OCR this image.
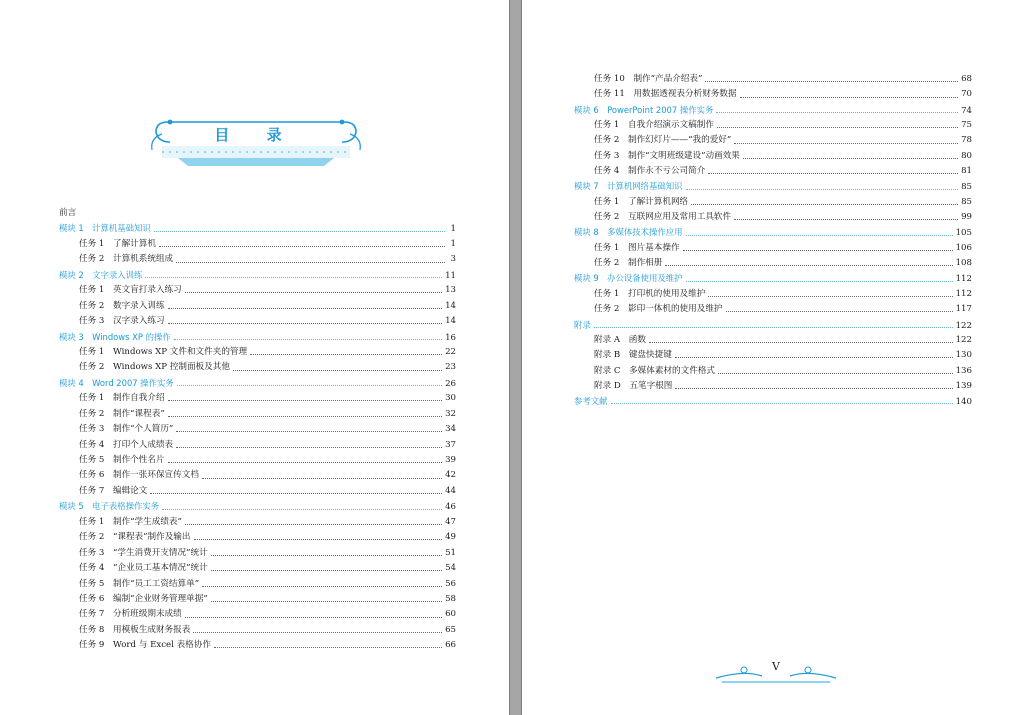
目 录
前言
模块 1　计算机基础知识	1
任务 1　了解计算机	1
任务 2　计算机系统组成	3
模块 2　文字录入训练	11
任务 1　英文盲打录入练习	13
任务 2　数字录入训练	14
任务 3　汉字录入练习	14
模块 3　Windows XP 的操作	16
任务 1　Windows XP 文件和文件夹的管理	22
任务 2　Windows XP 控制面板及其他	23
模块 4　Word 2007 操作实务	26
任务 1　制作自我介绍	30
任务 2　制作“课程表”	32
任务 3　制作“个人简历”	34
任务 4　打印个人成绩表	37
任务 5　制作个性名片	39
任务 6　制作一张环保宣传文档	42
任务 7　编辑论文	44
模块 5　电子表格操作实务	46
任务 1　制作“学生成绩表”	47
任务 2　“课程表”制作及输出	49
任务 3　“学生消费开支情况”统计	51
任务 4　“企业员工基本情况”统计	54
任务 5　制作“员工工资结算单”	56
任务 6　编制“企业财务管理单据”	58
任务 7　分析班级期末成绩	60
任务 8　用模板生成财务报表	65
任务 9　Word 与 Excel 表格协作	66
任务 10　制作“产品介绍表”	68
任务 11　用数据透视表分析财务数据	70
模块 6　PowerPoint 2007 操作实务	74
任务 1　自我介绍演示文稿制作	75
任务 2　制作幻灯片——“我的爱好”	78
任务 3　制作“文明班级建设”动画效果	80
任务 4　制作永不亏公司简介	81
模块 7　计算机网络基础知识	85
任务 1　了解计算机网络	85
任务 2　互联网应用及常用工具软件	99
模块 8　多媒体技术操作应用	105
任务 1　图片基本操作	106
任务 2　制作相册	108
模块 9　办公设备使用及维护	112
任务 1　打印机的使用及维护	112
任务 2　影印一体机的使用及维护	117
附录	122
附录 A　函数	122
附录 B　键盘快捷键	130
附录 C　多媒体素材的文件格式	136
附录 D　五笔字根图	139
参考文献	140
V
